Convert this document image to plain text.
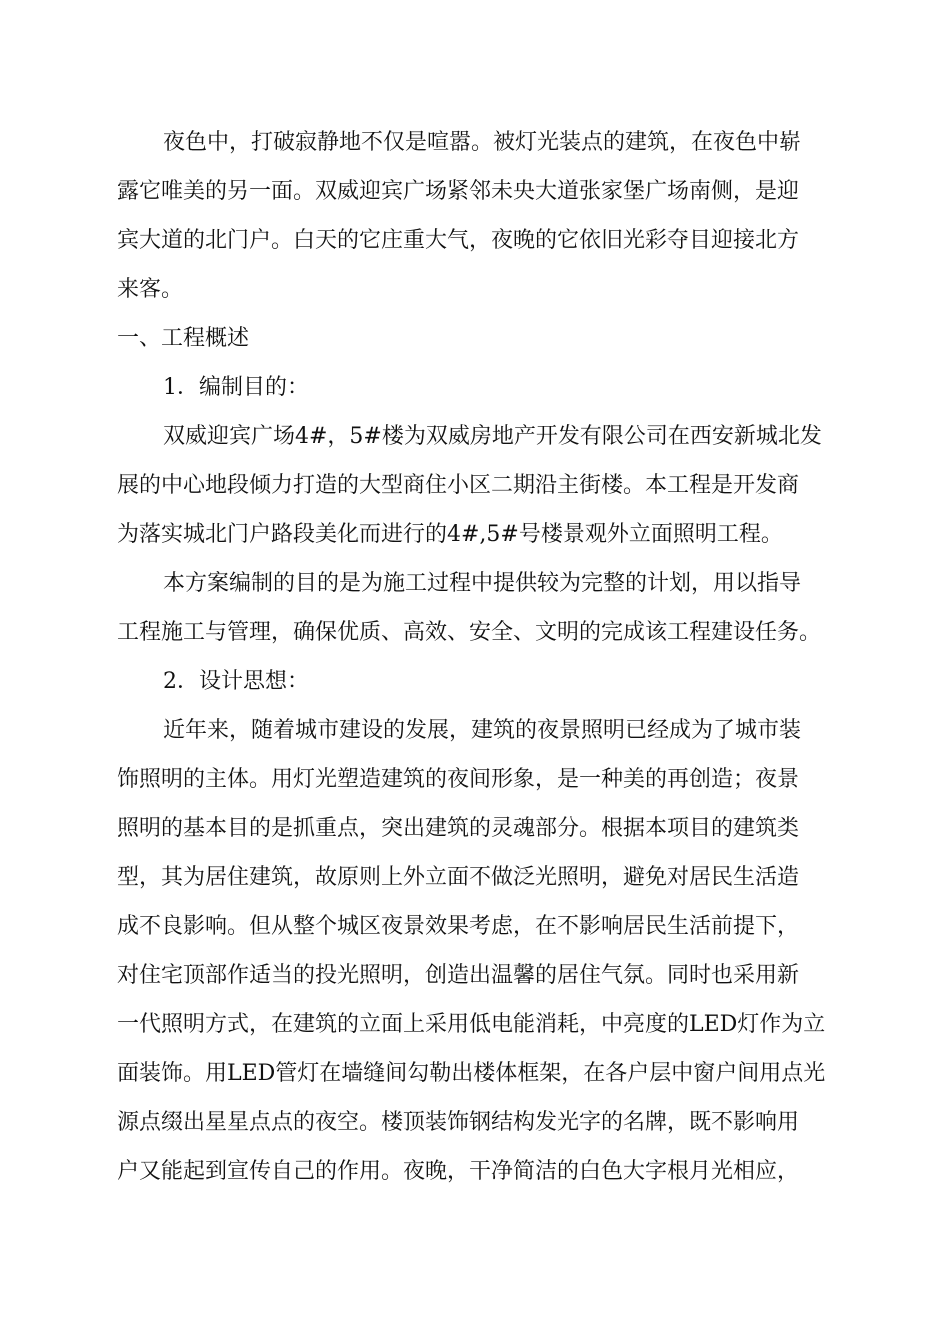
夜色中，打破寂静地不仅是喧嚣。被灯光装点的建筑，在夜色中崭
露它唯美的另一面。双威迎宾广场紧邻未央大道张家堡广场南侧，是迎
宾大道的北门户。白天的它庄重大气，夜晚的它依旧光彩夺目迎接北方
来客。
一、工程概述
1．编制目的：
双威迎宾广场4#，5#楼为双威房地产开发有限公司在西安新城北发
展的中心地段倾力打造的大型商住小区二期沿主街楼。本工程是开发商
为落实城北门户路段美化而进行的4#,5#号楼景观外立面照明工程。
本方案编制的目的是为施工过程中提供较为完整的计划，用以指导
工程施工与管理，确保优质、高效、安全、文明的完成该工程建设任务。
2．设计思想：
近年来，随着城市建设的发展，建筑的夜景照明已经成为了城市装
饰照明的主体。用灯光塑造建筑的夜间形象，是一种美的再创造；夜景
照明的基本目的是抓重点，突出建筑的灵魂部分。根据本项目的建筑类
型，其为居住建筑，故原则上外立面不做泛光照明，避免对居民生活造
成不良影响。但从整个城区夜景效果考虑，在不影响居民生活前提下，
对住宅顶部作适当的投光照明，创造出温馨的居住气氛。同时也采用新
一代照明方式，在建筑的立面上采用低电能消耗，中亮度的LED灯作为立
面装饰。用LED管灯在墙缝间勾勒出楼体框架，在各户层中窗户间用点光
源点缀出星星点点的夜空。楼顶装饰钢结构发光字的名牌，既不影响用
户又能起到宣传自己的作用。夜晚，干净简洁的白色大字根月光相应，
